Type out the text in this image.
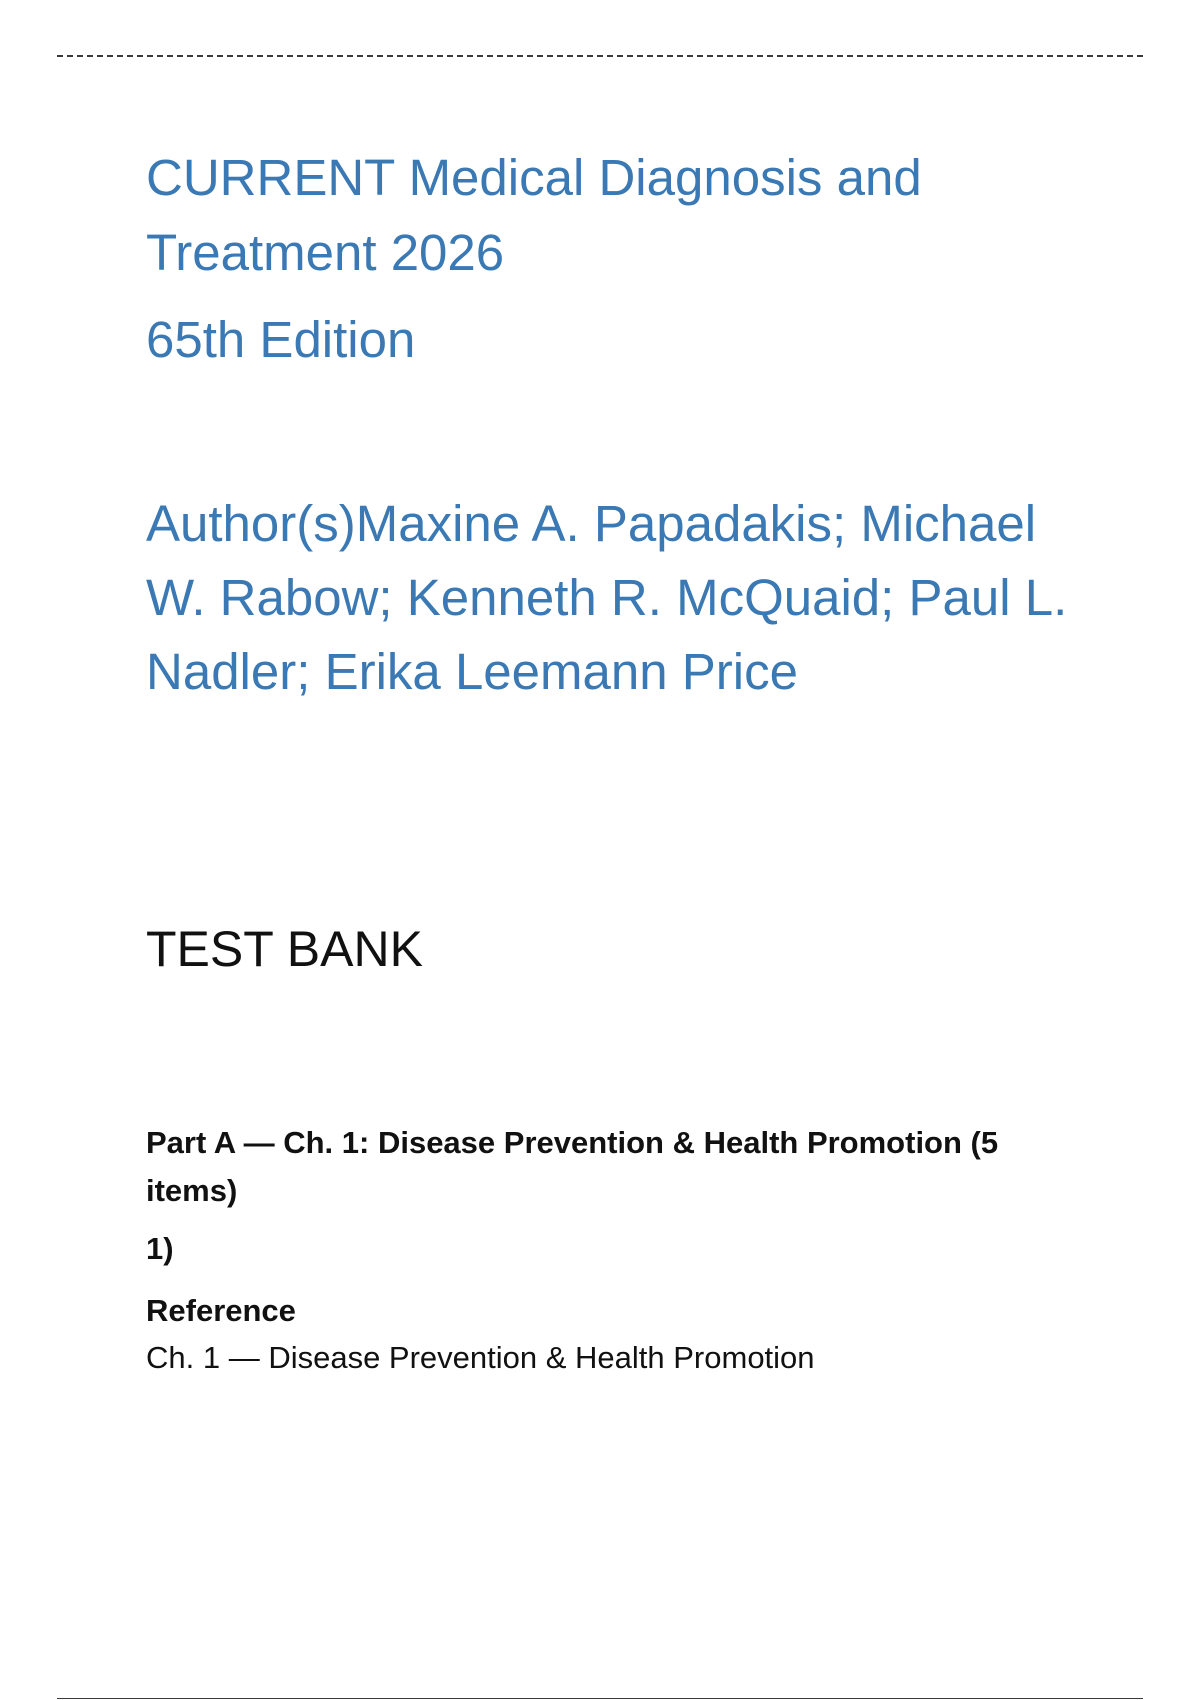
CURRENT Medical Diagnosis and Treatment 2026
65th Edition

Author(s)Maxine A. Papadakis; Michael W. Rabow; Kenneth R. McQuaid; Paul L. Nadler; Erika Leemann Price

TEST BANK

Part A — Ch. 1: Disease Prevention & Health Promotion (5 items)

1)

Reference

Ch. 1 — Disease Prevention & Health Promotion
